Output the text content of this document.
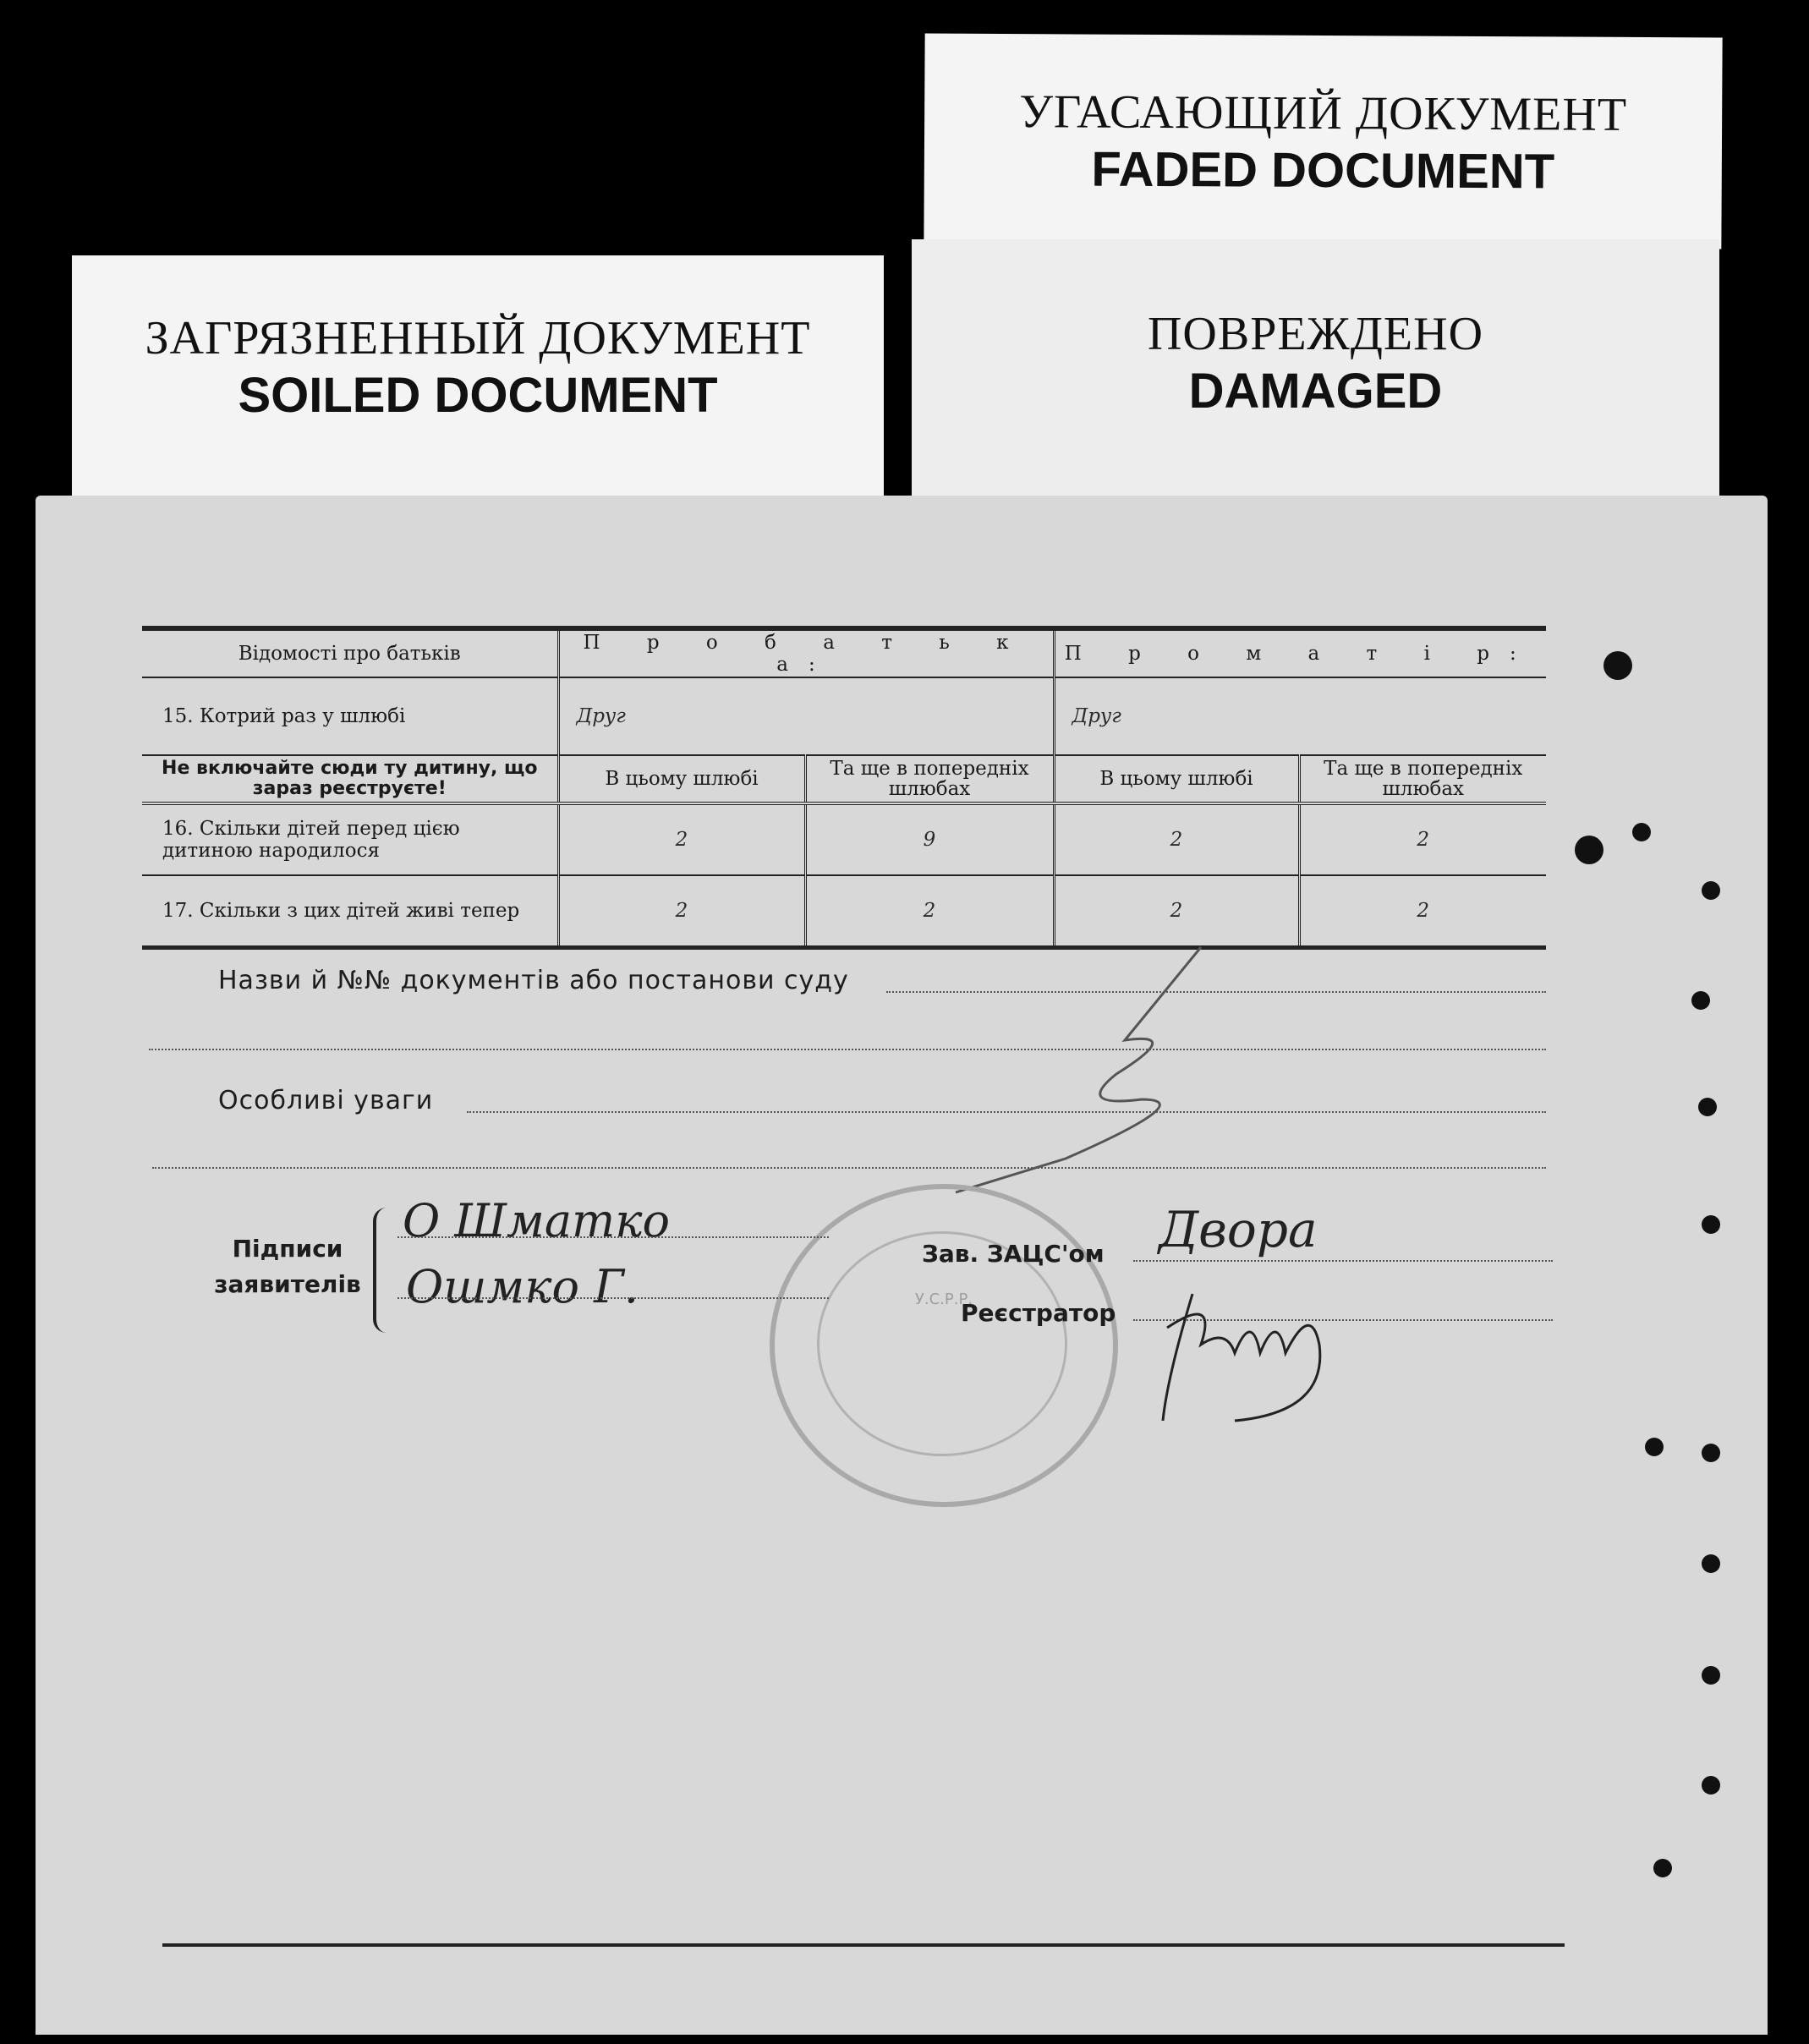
УГАСАЮЩИЙ ДОКУМЕНТ
FADED DOCUMENT
ПОВРЕЖДЕНО
DAMAGED
ЗАГРЯЗНЕННЫЙ ДОКУМЕНТ
SOILED DOCUMENT
Відомості про батьків	П р о б а т ь к а:		П р о м а т і р:	
15. Котрий раз у шлюбі	Друг		Друг	
Не включайте сюди ту дитину, що зараз реєструєте!	В цьому шлюбі	Та ще в попередніх шлюбах	В цьому шлюбі	Та ще в попередніх шлюбах
16. Скільки дітей перед цією дитиною народилося	2	9	2	2
17. Скільки з цих дітей живі тепер	2	2	2	2
Назви й №№ документів або постанови суду
Особливі уваги
У.С.Р.Р.
Підписи заявителів
О Шматко
Ошмко Г.
Зав. ЗАЦС'ом Двора
Реєстратор
